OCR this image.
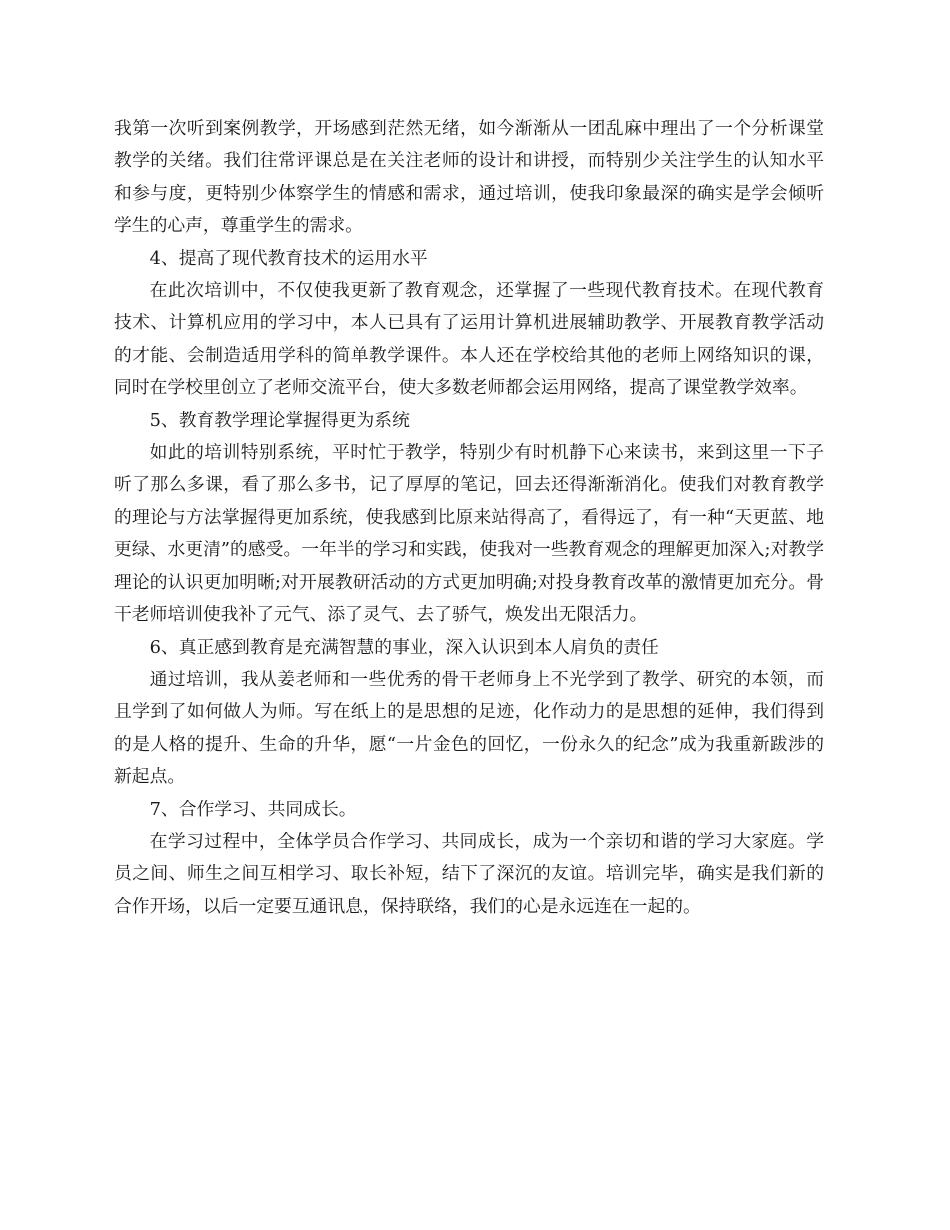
我第一次听到案例教学，开场感到茫然无绪，如今渐渐从一团乱麻中理出了一个分析课堂教学的关绪。我们往常评课总是在关注老师的设计和讲授，而特别少关注学生的认知水平和参与度，更特别少体察学生的情感和需求，通过培训，使我印象最深的确实是学会倾听学生的心声，尊重学生的需求。

4、提高了现代教育技术的运用水平

在此次培训中，不仅使我更新了教育观念，还掌握了一些现代教育技术。在现代教育技术、计算机应用的学习中，本人已具有了运用计算机进展辅助教学、开展教育教学活动的才能、会制造适用学科的简单教学课件。本人还在学校给其他的老师上网络知识的课，同时在学校里创立了老师交流平台，使大多数老师都会运用网络，提高了课堂教学效率。

5、教育教学理论掌握得更为系统

如此的培训特别系统，平时忙于教学，特别少有时机静下心来读书，来到这里一下子听了那么多课，看了那么多书，记了厚厚的笔记，回去还得渐渐消化。使我们对教育教学的理论与方法掌握得更加系统，使我感到比原来站得高了，看得远了，有一种“天更蓝、地更绿、水更清”的感受。一年半的学习和实践，使我对一些教育观念的理解更加深入;对教学理论的认识更加明晰;对开展教研活动的方式更加明确;对投身教育改革的激情更加充分。骨干老师培训使我补了元气、添了灵气、去了骄气，焕发出无限活力。

6、真正感到教育是充满智慧的事业，深入认识到本人肩负的责任

通过培训，我从姜老师和一些优秀的骨干老师身上不光学到了教学、研究的本领，而且学到了如何做人为师。写在纸上的是思想的足迹，化作动力的是思想的延伸，我们得到的是人格的提升、生命的升华，愿“一片金色的回忆，一份永久的纪念”成为我重新跋涉的新起点。

7、合作学习、共同成长。

在学习过程中，全体学员合作学习、共同成长，成为一个亲切和谐的学习大家庭。学员之间、师生之间互相学习、取长补短，结下了深沉的友谊。培训完毕，确实是我们新的合作开场，以后一定要互通讯息，保持联络，我们的心是永远连在一起的。
